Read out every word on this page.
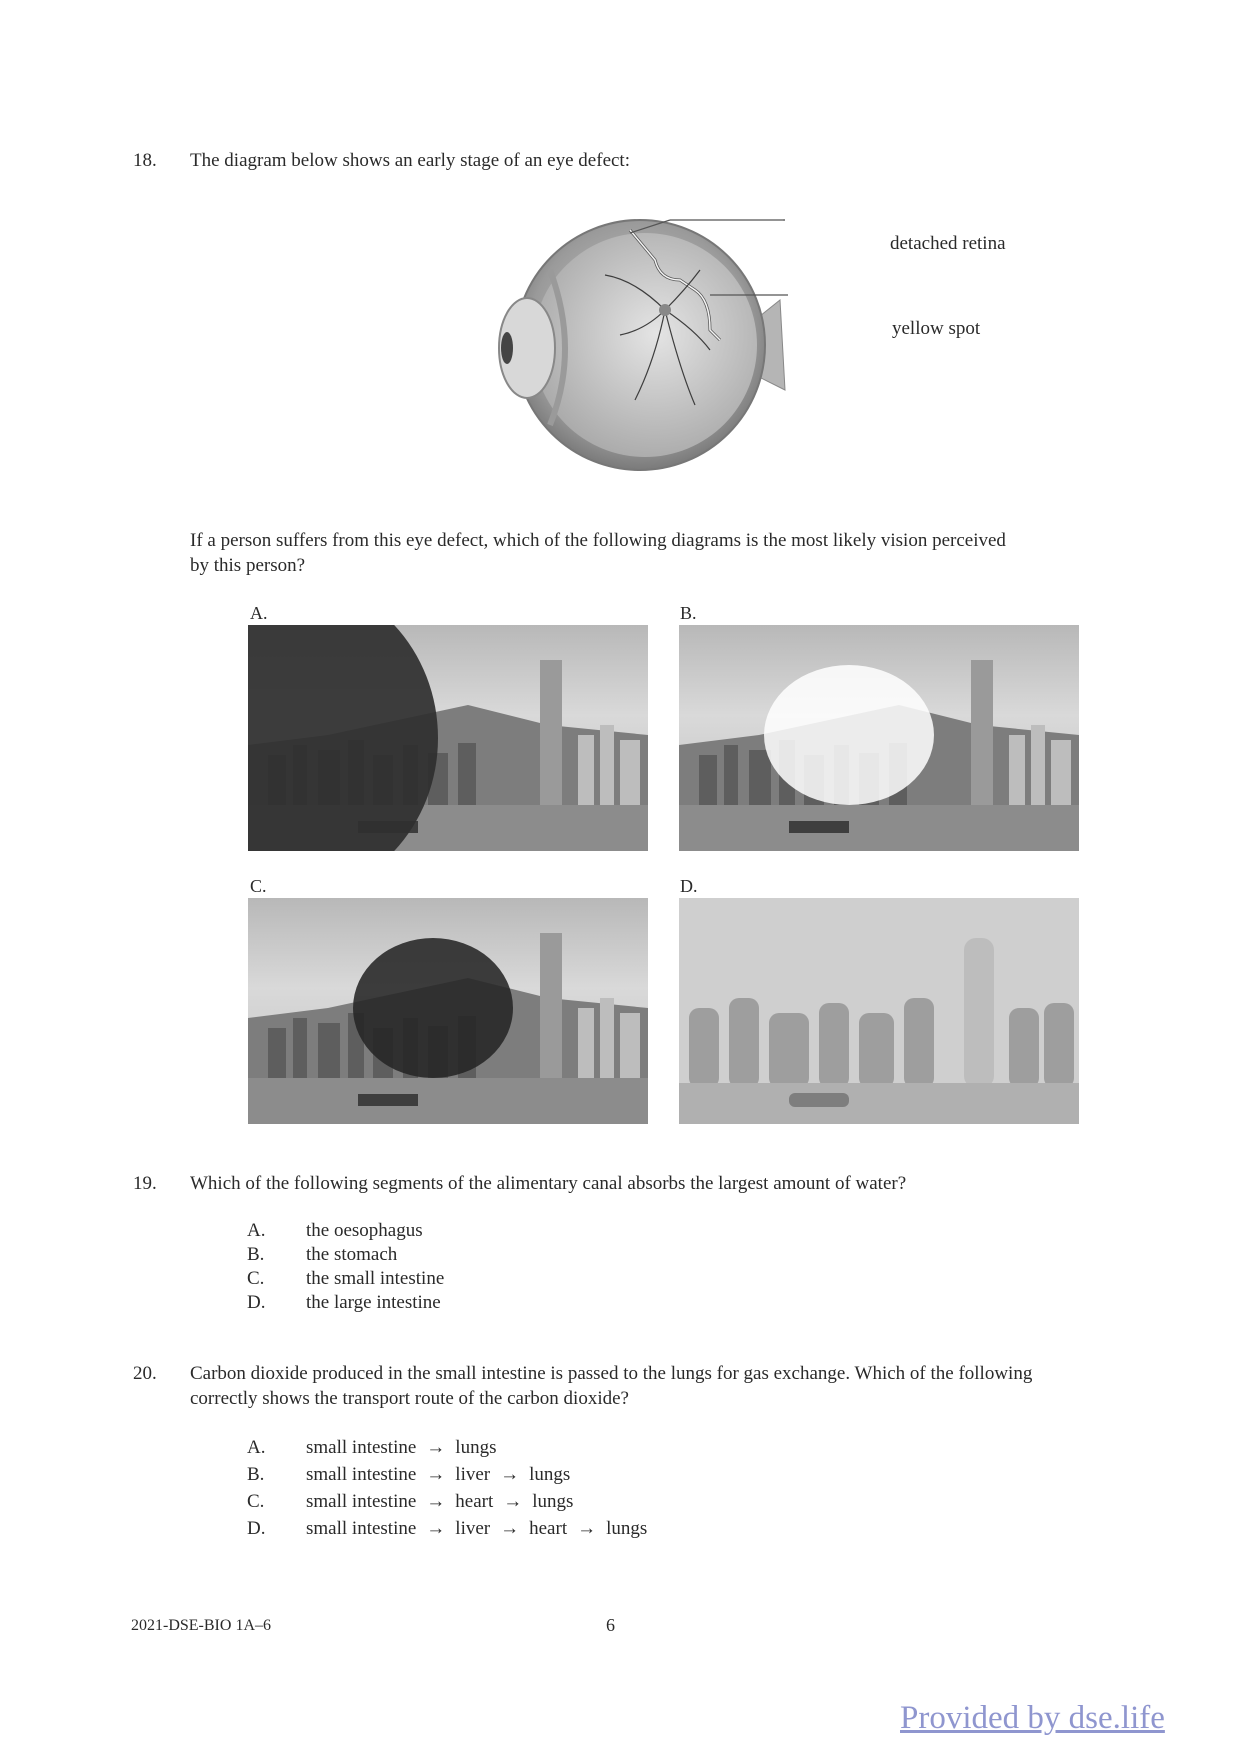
18. The diagram below shows an early stage of an eye defect:
detached retina
yellow spot
If a person suffers from this eye defect, which of the following diagrams is the most likely vision perceived
by this person?
A.	B.
C.	D.
19. Which of the following segments of the alimentary canal absorbs the largest amount of water?
A. the oesophagus
B. the stomach
C. the small intestine
D. the large intestine
20. Carbon dioxide produced in the small intestine is passed to the lungs for gas exchange. Which of the following
correctly shows the transport route of the carbon dioxide?
A. small intestine → lungs
B. small intestine → liver → lungs
C. small intestine → heart → lungs
D. small intestine → liver → heart → lungs
2021-DSE-BIO 1A–6	6
Provided by dse.life
